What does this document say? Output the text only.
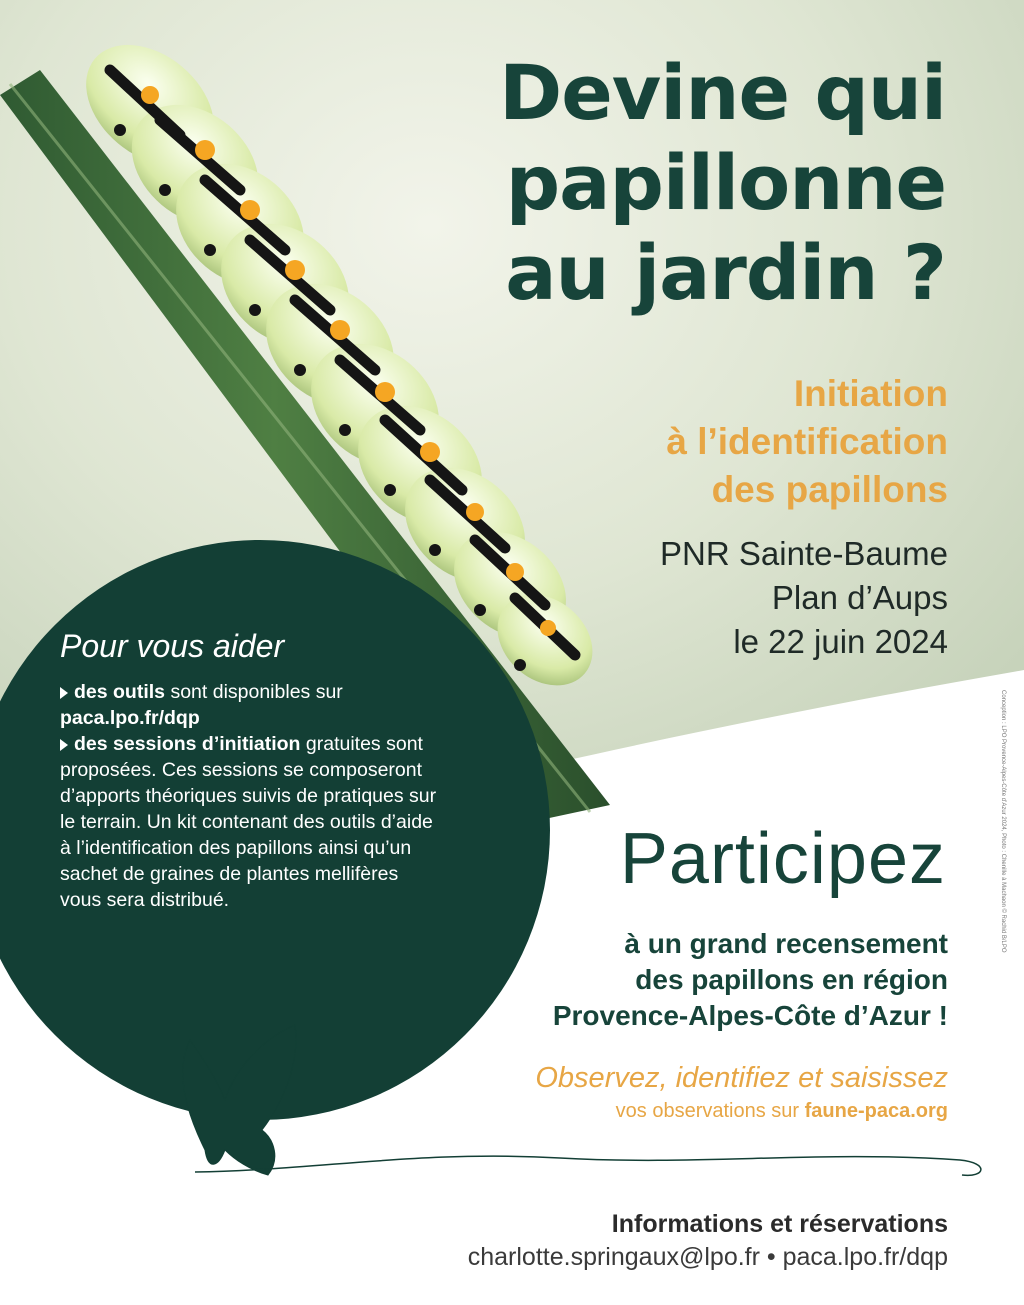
Devine qui
papillonne
au jardin ?
Initiation
à l’identification
des papillons
PNR Sainte-Baume
Plan d’Aups
le 22 juin 2024
Pour vous aider

des outils sont disponibles sur paca.lpo.fr/dqp

des sessions d’initiation gratuites sont proposées. Ces sessions se composeront d’apports théoriques suivis de pratiques sur le terrain. Un kit contenant des outils d’aide à l’identification des papillons ainsi qu’un sachet de graines de plantes mellifères vous sera distribué.

Participez
à un grand recensement
des papillons en région
Provence-Alpes-Côte d’Azur !
Observez, identifiez et saisissez
vos observations sur faune-paca.org
Informations et réservations
charlotte.springaux@lpo.fr • paca.lpo.fr/dqp
Conception : LPO Provence-Alpes-Côte d’Azur 2024, Photo : Chenille à Machaon © Rachid B/LPO
